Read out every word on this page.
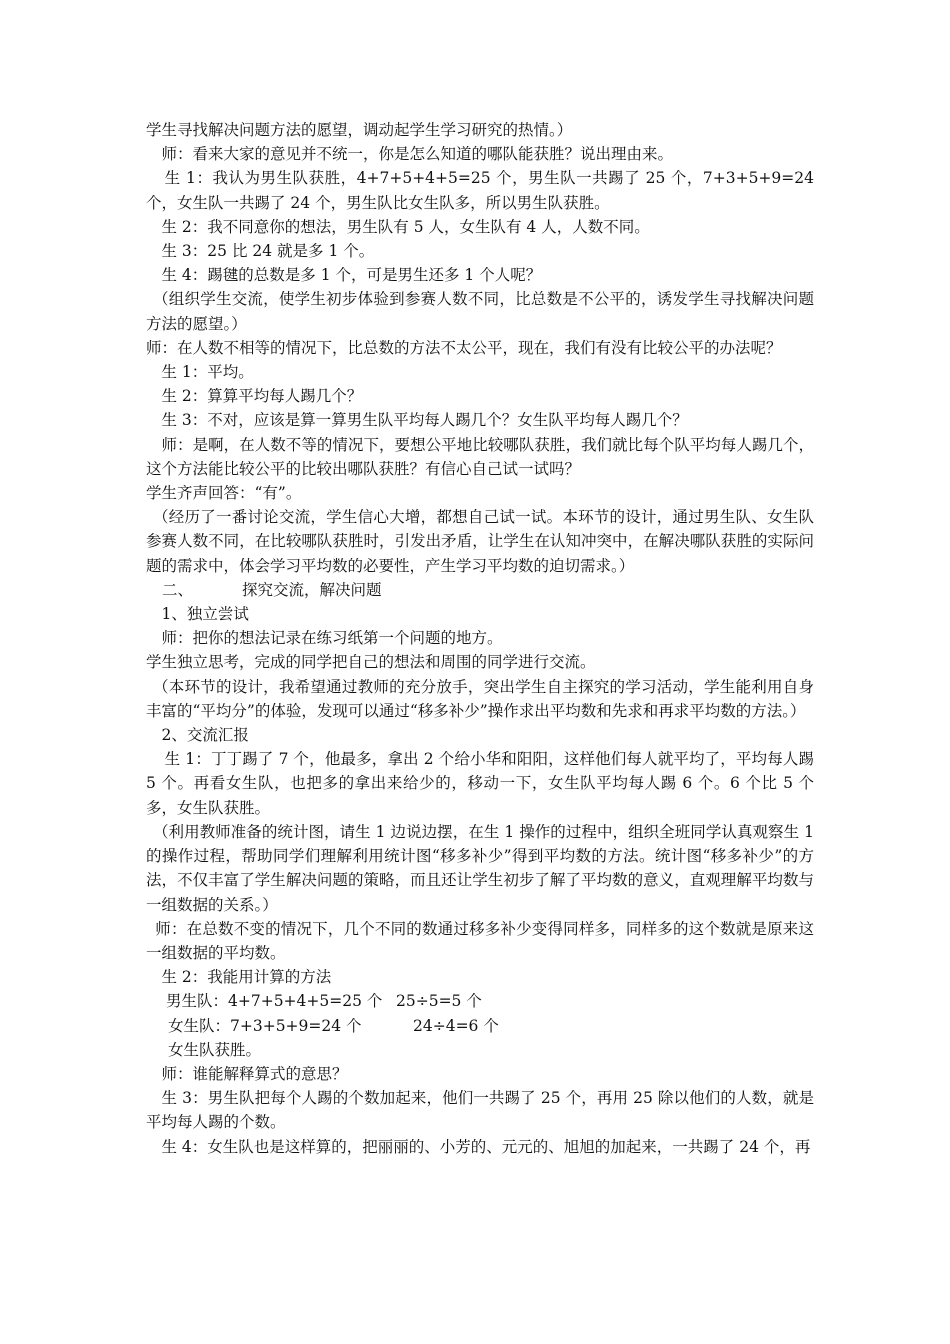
学生寻找解决问题方法的愿望，调动起学生学习研究的热情。）

师：看来大家的意见并不统一，你是怎么知道的哪队能获胜？说出理由来。

生 1：我认为男生队获胜，4+7+5+4+5=25 个，男生队一共踢了 25 个，7+3+5+9=24 个，女生队一共踢了 24 个，男生队比女生队多，所以男生队获胜。

生 2：我不同意你的想法，男生队有 5 人，女生队有 4 人，人数不同。

生 3：25 比 24 就是多 1 个。

生 4：踢毽的总数是多 1 个，可是男生还多 1 个人呢？

（组织学生交流，使学生初步体验到参赛人数不同，比总数是不公平的，诱发学生寻找解决问题方法的愿望。）

师：在人数不相等的情况下，比总数的方法不太公平，现在，我们有没有比较公平的办法呢？

生 1：平均。

生 2：算算平均每人踢几个？

生 3：不对，应该是算一算男生队平均每人踢几个？女生队平均每人踢几个？

师：是啊，在人数不等的情况下，要想公平地比较哪队获胜，我们就比每个队平均每人踢几个，这个方法能比较公平的比较出哪队获胜？有信心自己试一试吗？

学生齐声回答：“有”。

（经历了一番讨论交流，学生信心大增，都想自己试一试。本环节的设计，通过男生队、女生队参赛人数不同，在比较哪队获胜时，引发出矛盾，让学生在认知冲突中，在解决哪队获胜的实际问题的需求中，体会学习平均数的必要性，产生学习平均数的迫切需求。）

二、	探究交流，解决问题

1、独立尝试

师：把你的想法记录在练习纸第一个问题的地方。

学生独立思考，完成的同学把自己的想法和周围的同学进行交流。

（本环节的设计，我希望通过教师的充分放手，突出学生自主探究的学习活动，学生能利用自身丰富的“平均分”的体验，发现可以通过“移多补少”操作求出平均数和先求和再求平均数的方法。）

2、交流汇报

生 1：丁丁踢了 7 个，他最多，拿出 2 个给小华和阳阳，这样他们每人就平均了，平均每人踢 5 个。再看女生队，也把多的拿出来给少的，移动一下，女生队平均每人踢 6 个。6 个比 5 个多，女生队获胜。

（利用教师准备的统计图，请生 1 边说边摆，在生 1 操作的过程中，组织全班同学认真观察生 1 的操作过程，帮助同学们理解利用统计图“移多补少”得到平均数的方法。统计图“移多补少”的方法，不仅丰富了学生解决问题的策略，而且还让学生初步了解了平均数的意义，直观理解平均数与一组数据的关系。）

师：在总数不变的情况下，几个不同的数通过移多补少变得同样多，同样多的这个数就是原来这一组数据的平均数。

生 2：我能用计算的方法

男生队：4+7+5+4+5=25 个 25÷5=5 个
女生队：7+3+5+9=24 个	24÷4=6 个

女生队获胜。

师：谁能解释算式的意思？

生 3：男生队把每个人踢的个数加起来，他们一共踢了 25 个，再用 25 除以他们的人数，就是平均每人踢的个数。

生 4：女生队也是这样算的，把丽丽的、小芳的、元元的、旭旭的加起来，一共踢了 24 个，再
